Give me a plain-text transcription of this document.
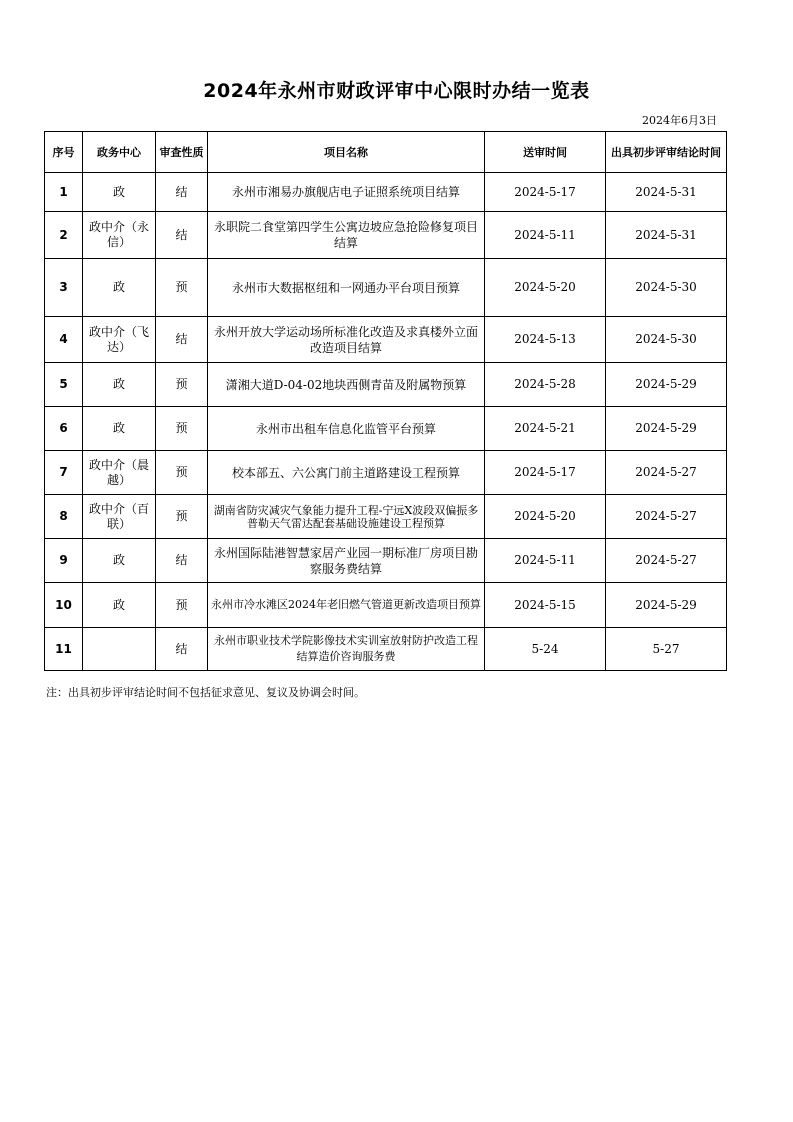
2024年永州市财政评审中心限时办结一览表
2024年6月3日
序号	政务中心	审查性质	项目名称	送审时间	出具初步评审结论时间
1	政	结	永州市湘易办旗舰店电子证照系统项目结算	2024-5-17	2024-5-31
2	政中介（永信）	结	永职院二食堂第四学生公寓边坡应急抢险修复项目结算	2024-5-11	2024-5-31
3	政	预	永州市大数据枢纽和一网通办平台项目预算	2024-5-20	2024-5-30
4	政中介（飞达）	结	永州开放大学运动场所标准化改造及求真楼外立面改造项目结算	2024-5-13	2024-5-30
5	政	预	潇湘大道D-04-02地块西侧青苗及附属物预算	2024-5-28	2024-5-29
6	政	预	永州市出租车信息化监管平台预算	2024-5-21	2024-5-29
7	政中介（晨越）	预	校本部五、六公寓门前主道路建设工程预算	2024-5-17	2024-5-27
8	政中介（百联）	预	湖南省防灾减灾气象能力提升工程-宁远X波段双偏振多普勒天气雷达配套基础设施建设工程预算	2024-5-20	2024-5-27
9	政	结	永州国际陆港智慧家居产业园一期标准厂房项目勘察服务费结算	2024-5-11	2024-5-27
10	政	预	永州市冷水滩区2024年老旧燃气管道更新改造项目预算	2024-5-15	2024-5-29
11		结	永州市职业技术学院影像技术实训室放射防护改造工程结算造价咨询服务费	5-24	5-27
注：出具初步评审结论时间不包括征求意见、复议及协调会时间。
